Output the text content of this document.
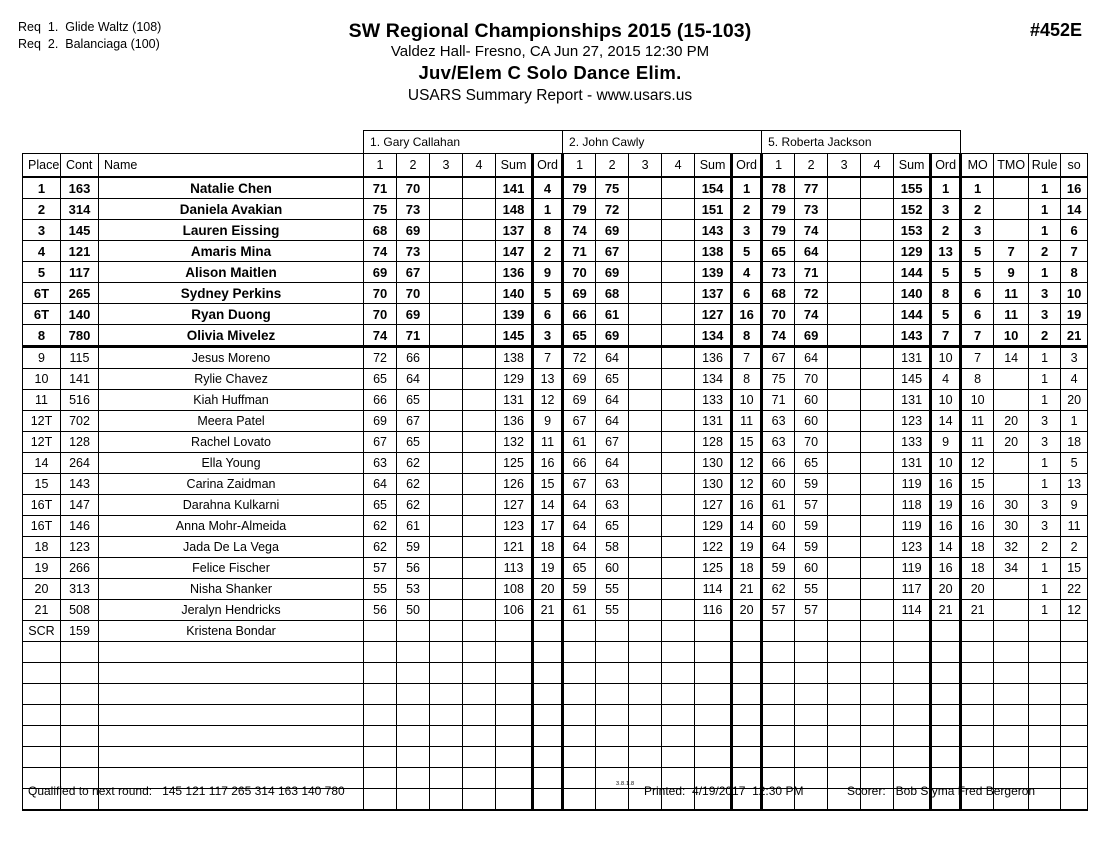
Req  1.  Glide Waltz (108)
Req  2.  Balanciaga (100)
SW Regional Championships 2015 (15-103)
Valdez Hall- Fresno, CA Jun 27, 2015 12:30 PM
Juv/Elem C Solo Dance Elim.
USARS Summary Report - www.usars.us
#452E
			1. Gary Callahan						2. John Cawly						5. Roberta Jackson									
Place	Cont	Name	1	2	3	4	Sum	Ord	1	2	3	4	Sum	Ord	1	2	3	4	Sum	Ord	MO	TMO	Rule	so
1	163	Natalie Chen	71	70			141	4	79	75			154	1	78	77			155	1	1		1	16
2	314	Daniela Avakian	75	73			148	1	79	72			151	2	79	73			152	3	2		1	14
3	145	Lauren Eissing	68	69			137	8	74	69			143	3	79	74			153	2	3		1	6
4	121	Amaris Mina	74	73			147	2	71	67			138	5	65	64			129	13	5	7	2	7
5	117	Alison Maitlen	69	67			136	9	70	69			139	4	73	71			144	5	5	9	1	8
6T	265	Sydney Perkins	70	70			140	5	69	68			137	6	68	72			140	8	6	11	3	10
6T	140	Ryan Duong	70	69			139	6	66	61			127	16	70	74			144	5	6	11	3	19
8	780	Olivia Mivelez	74	71			145	3	65	69			134	8	74	69			143	7	7	10	2	21
9	115	Jesus Moreno	72	66			138	7	72	64			136	7	67	64			131	10	7	14	1	3
10	141	Rylie Chavez	65	64			129	13	69	65			134	8	75	70			145	4	8		1	4
11	516	Kiah Huffman	66	65			131	12	69	64			133	10	71	60			131	10	10		1	20
12T	702	Meera Patel	69	67			136	9	67	64			131	11	63	60			123	14	11	20	3	1
12T	128	Rachel Lovato	67	65			132	11	61	67			128	15	63	70			133	9	11	20	3	18
14	264	Ella Young	63	62			125	16	66	64			130	12	66	65			131	10	12		1	5
15	143	Carina Zaidman	64	62			126	15	67	63			130	12	60	59			119	16	15		1	13
16T	147	Darahna Kulkarni	65	62			127	14	64	63			127	16	61	57			118	19	16	30	3	9
16T	146	Anna Mohr-Almeida	62	61			123	17	64	65			129	14	60	59			119	16	16	30	3	11
18	123	Jada De La Vega	62	59			121	18	64	58			122	19	64	59			123	14	18	32	2	2
19	266	Felice Fischer	57	56			113	19	65	60			125	18	59	60			119	16	18	34	1	15
20	313	Nisha Shanker	55	53			108	20	59	55			114	21	62	55			117	20	20		1	22
21	508	Jeralyn Hendricks	56	50			106	21	61	55			116	20	57	57			114	21	21		1	12
SCR	159	Kristena Bondar																						

Qualified to next round:   145 121 117 265 314 163 140 780	3.8.1.8 Printed:  4/19/2017  12:30 PM	Scorer:   Bob Styma Fred Bergeron
